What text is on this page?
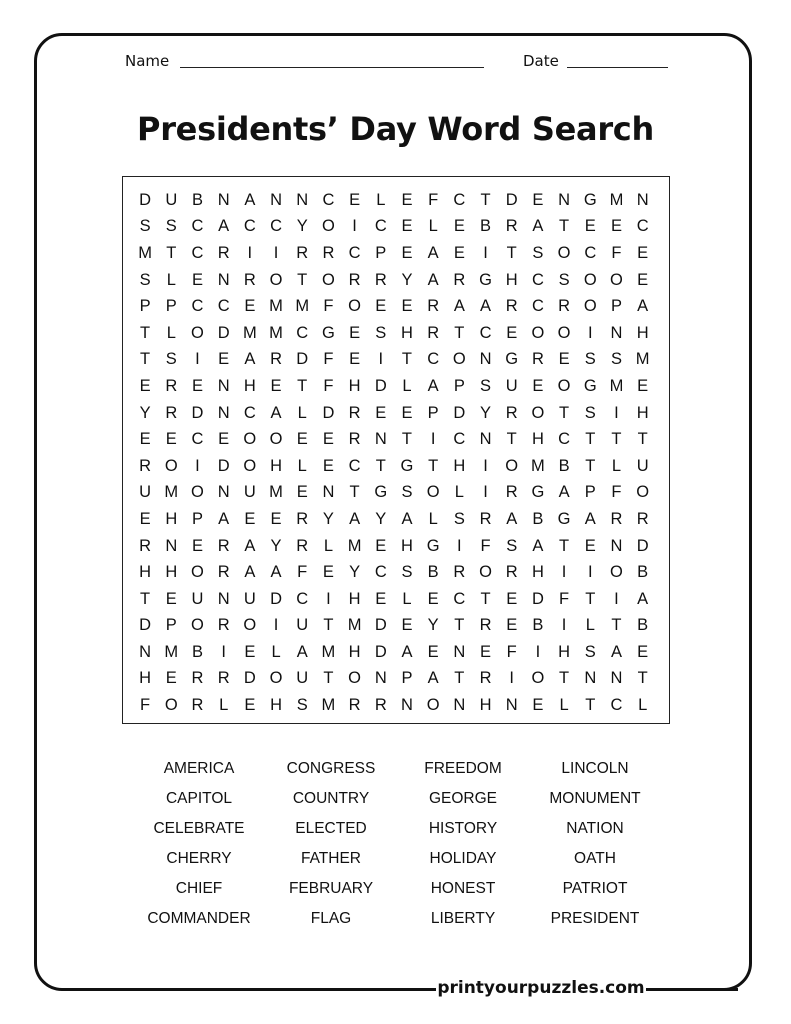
Name	Date
Presidents’ Day Word Search
D U B N A N N C E L E F C T D E N G M N
S S C A C C Y O	I	C E L E B R A T E E C
M T C R	I	I	R R C P E A E	I	T S O C F E
S L E N R O T O R R Y A R G H C S O O E
P P C C E M M F O E E R A A R C R O P A
T	L O D M M C G E S H R T C E O O	I	N H
T S	I	E A R D F E	I	T C O N G R E S S M
E R E N H E T F H D L A P S U E O G M E
Y R D N C A L D R E E P D Y R O T S	I	H
E E C E O O E E R N T	I	C N T H C T T T
R O	I	D O H L E C T G T H	I	O M B T	L U
U M O N U M E N T G S O L	I	R G A P F O
E H P A E E R Y A Y A L S R A B G A R R
R N E R A Y R L M E H G	I	F S A T E N D
H H O R A A F E Y C S B R O R H	I	I	O B
T E U N U D C	I	H E L E C T E D F T	I	A
D P O R O	I	U T M D E Y T R E B	I	L	T B
N M B	I	E L A M H D A E N E F	I	H S A E
H E R R D O U T O N P A T R	I	O T N N T
F O R L E H S M R R N O N H N E L	T C L
AMERICA	CONGRESS	FREEDOM	LINCOLN
CAPITOL	COUNTRY	GEORGE	MONUMENT
CELEBRATE	ELECTED	HISTORY	NATION
CHERRY	FATHER	HOLIDAY	OATH
CHIEF	FEBRUARY	HONEST	PATRIOT
COMMANDER	FLAG	LIBERTY	PRESIDENT
printyourpuzzles.com
